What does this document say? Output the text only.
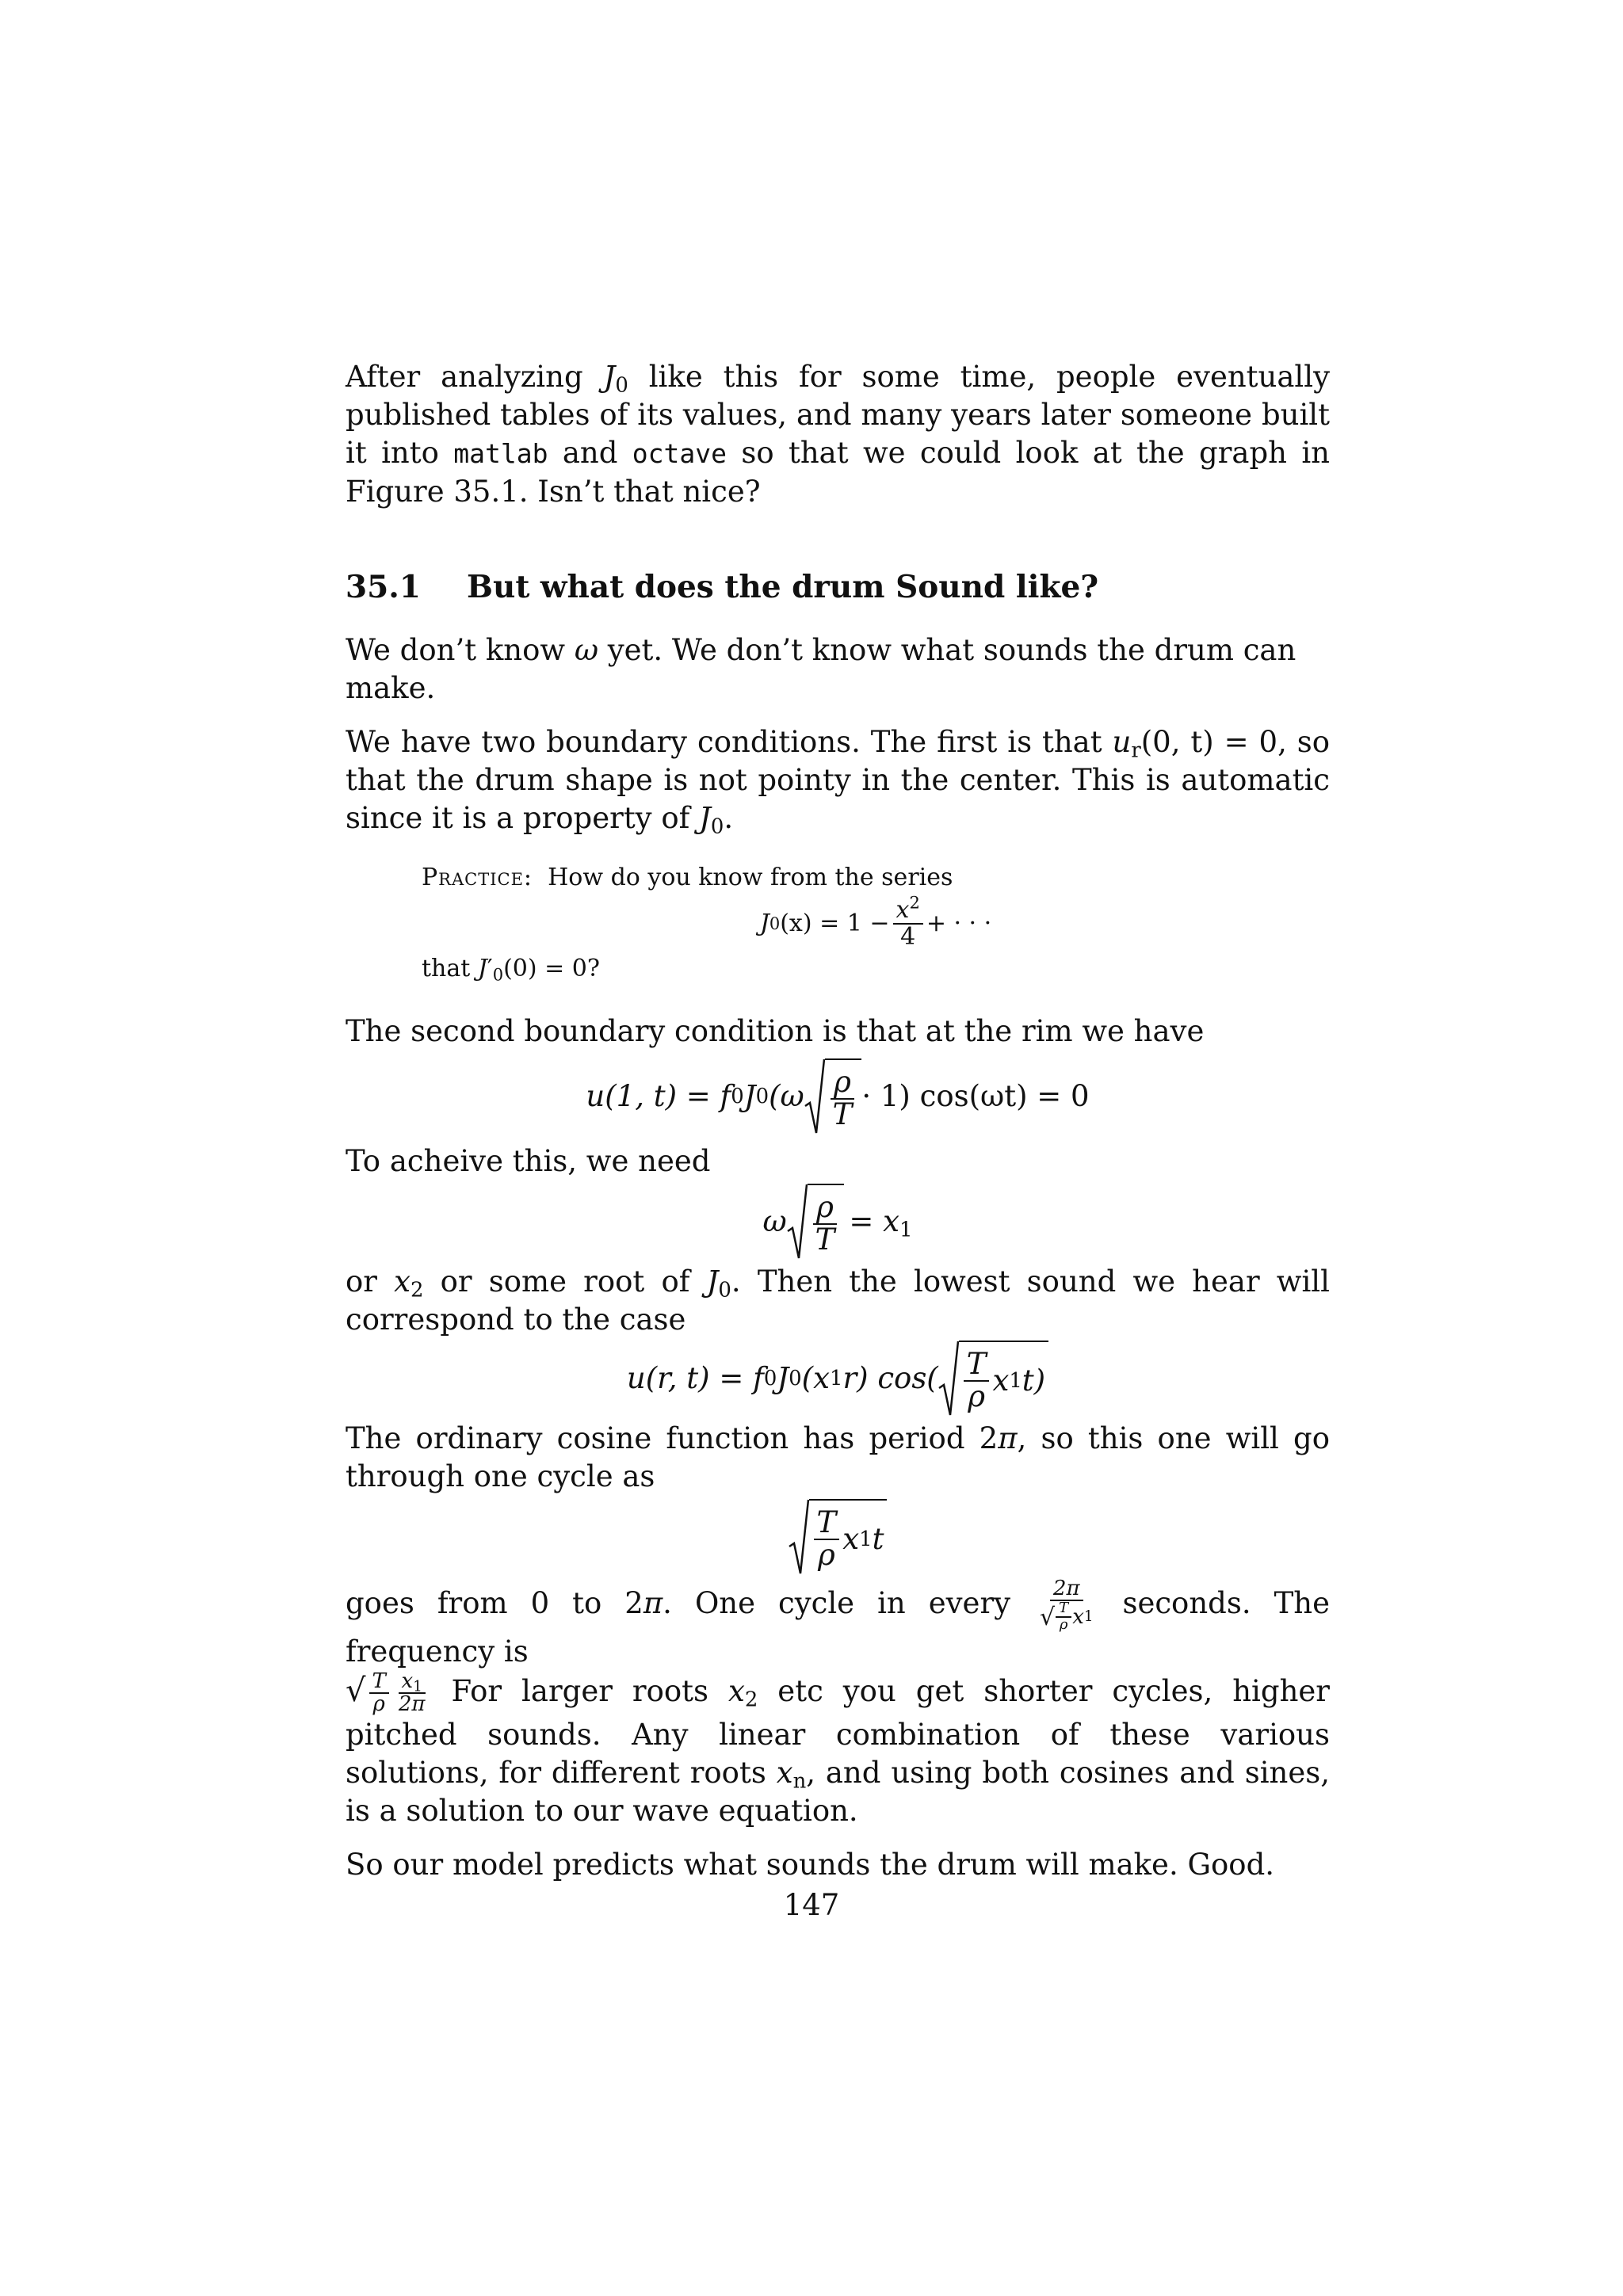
After analyzing $J_0$ like this for some time, people eventually published tables of its values, and many years later someone built it into matlab and octave so that we could look at the graph in Figure 35.1. Isn’t that nice?

35.1 But what does the drum Sound like?

We don’t know ω yet. We don’t know what sounds the drum can make.

We have two boundary conditions. The first is that $u_r(0$, t) = 0, so that the drum shape is not pointy in the center. This is automatic since it is a property of $J_0$.

Practice: How do you know from the series

J 0 $(x) = 1 - \frac{x^2}{4}$ + · · ·

that $J'_0(0) = 0$?

The second boundary condition is that at the rim we have

u(1, t) = f 0 J 0 $(\omega \frac{\rho}{T} \cdot 1)$ cos(ωt) = 0

To acheive this, we need

ω $\frac{\rho}{T} = x_1$

or $x_2$ or some root of $J_0$. Then the lowest sound we hear will correspond to the case

u(r, t) = f 0 J 0 (x 1 r) $\cos( \frac{T}{\rho}$ x 1 t)

The ordinary cosine function has period 2π, so this one will go through one cycle as

$\frac{T}{\rho}$ x 1 t

goes from 0 to 2π. One cycle in every $\frac{2\pi}{√ \frac{T}{\rho} x 1}$ seconds. The frequency is

√ $\frac{T}{\rho} \frac{x_1}{2\pi}$ For larger roots $x_2$ etc you get shorter cycles, higher pitched sounds. Any linear combination of these various solutions, for different roots $x_n$, and using both cosines and sines, is a solution to our wave equation.

So our model predicts what sounds the drum will make. Good.

147
